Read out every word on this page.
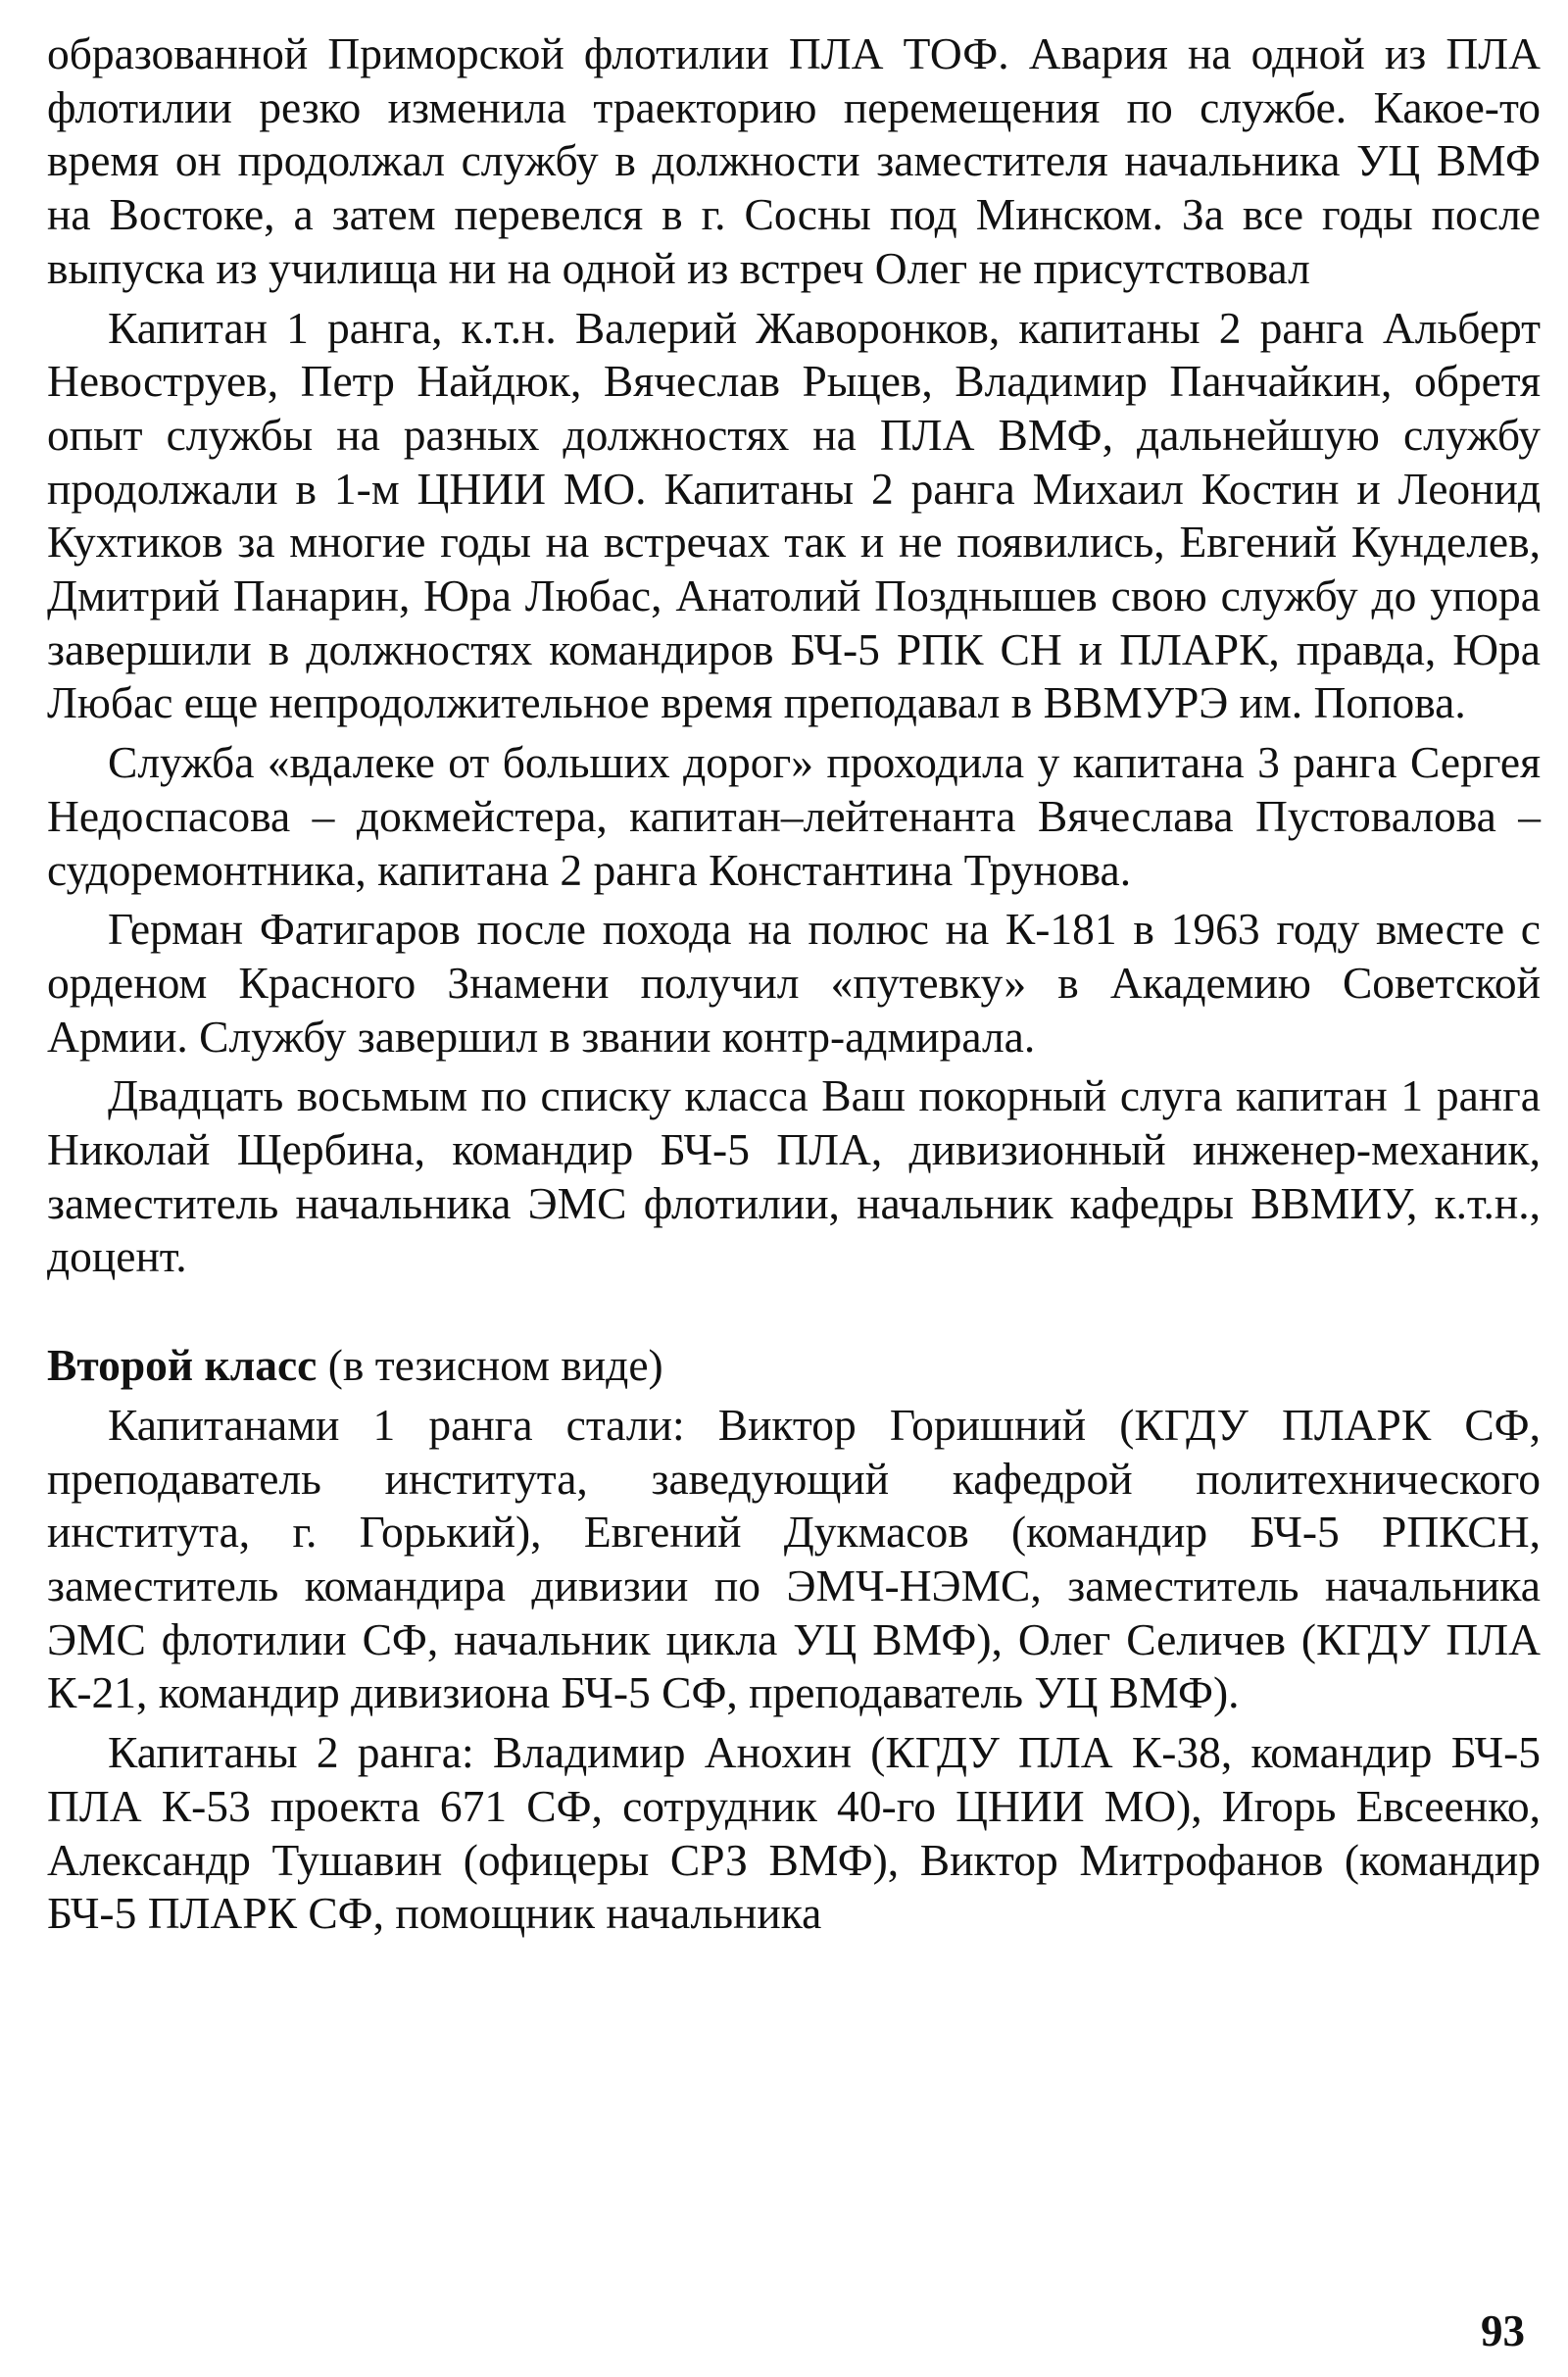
образованной Приморской флотилии ПЛА ТОФ. Авария на одной из ПЛА флотилии резко изменила траекторию перемещения по службе. Какое-то время он продолжал службу в должности заместителя начальника УЦ ВМФ на Востоке, а затем перевелся в г. Сосны под Минском. За все годы после выпуска из училища ни на одной из встреч Олег не присутствовал

Капитан 1 ранга, к.т.н. Валерий Жаворонков, капитаны 2 ранга Альберт Невоструев, Петр Найдюк, Вячеслав Рыцев, Владимир Панчайкин, обретя опыт службы на разных должностях на ПЛА ВМФ, дальнейшую службу продолжали в 1-м ЦНИИ МО. Капитаны 2 ранга Михаил Костин и Леонид Кухтиков за многие годы на встречах так и не появились, Евгений Кунделев, Дмитрий Панарин, Юра Любас, Анатолий Позднышев свою службу до упора завершили в должностях командиров БЧ-5 РПК СН и ПЛАРК, правда, Юра Любас еще непродолжительное время преподавал в ВВМУРЭ им. Попова.

Служба «вдалеке от больших дорог» проходила у капитана 3 ранга Сергея Недоспасова – докмейстера, капитан–лейтенанта Вячеслава Пустовалова – судоремонтника, капитана 2 ранга Константина Трунова.

Герман Фатигаров после похода на полюс на К-181 в 1963 году вместе с орденом Красного Знамени получил «путевку» в Академию Советской Армии. Службу завершил в звании контр-адмирала.

Двадцать восьмым по списку класса Ваш покорный слуга капитан 1 ранга Николай Щербина, командир БЧ-5 ПЛА, дивизионный инженер-механик, заместитель начальника ЭМС флотилии, начальник кафедры ВВМИУ, к.т.н., доцент.

Второй класс (в тезисном виде)

Капитанами 1 ранга стали: Виктор Горишний (КГДУ ПЛАРК СФ, преподаватель института, заведующий кафедрой политехнического института, г. Горький), Евгений Дукмасов (командир БЧ-5 РПКСН, заместитель командира дивизии по ЭМЧ-НЭМС, заместитель начальника ЭМС флотилии СФ, начальник цикла УЦ ВМФ), Олег Селичев (КГДУ ПЛА К-21, командир дивизиона БЧ-5 СФ, преподаватель УЦ ВМФ).

Капитаны 2 ранга: Владимир Анохин (КГДУ ПЛА К-38, командир БЧ-5 ПЛА К-53 проекта 671 СФ, сотрудник 40-го ЦНИИ МО), Игорь Евсеенко, Александр Тушавин (офицеры СРЗ ВМФ), Виктор Митрофанов (командир БЧ-5 ПЛАРК СФ, помощник начальника

93
